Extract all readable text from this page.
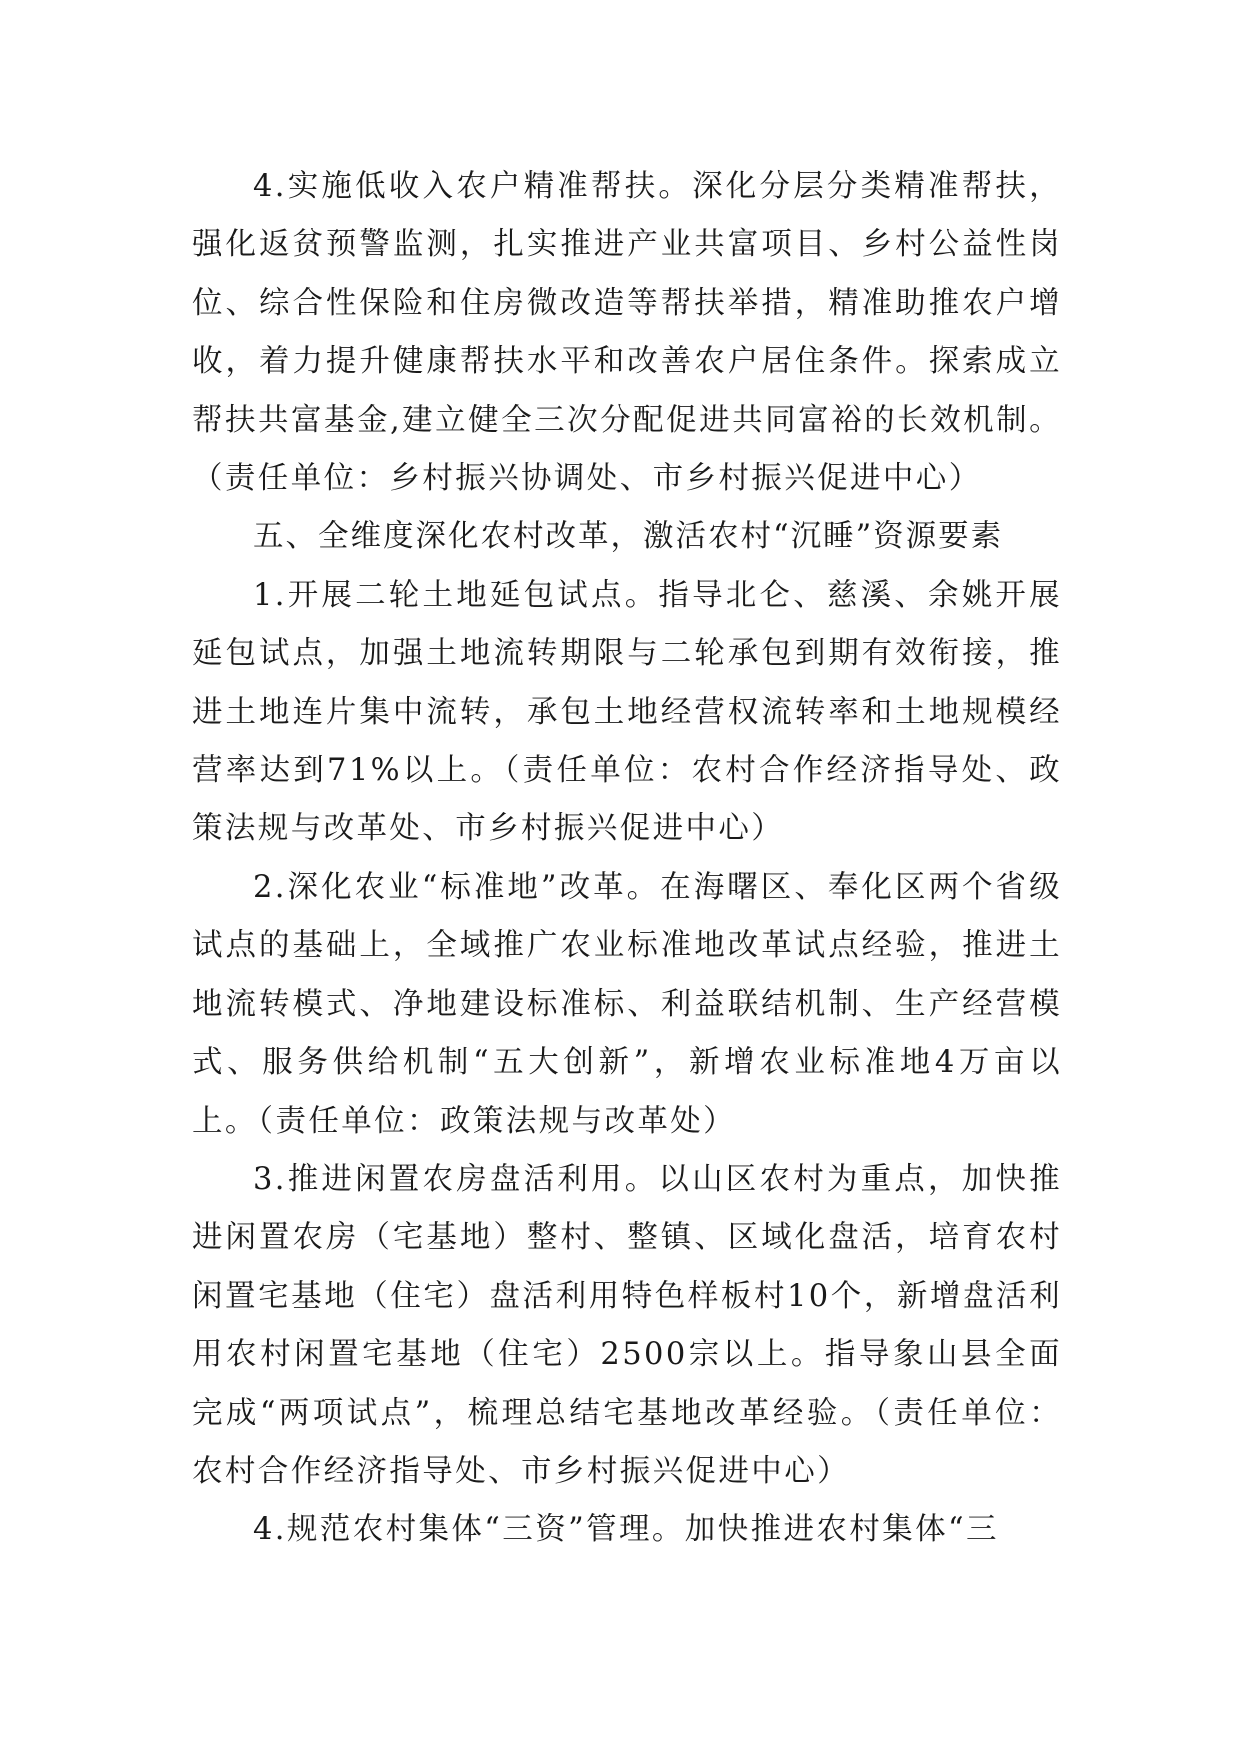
4.实施低收入农户精准帮扶。深化分层分类精准帮扶，强化返贫预警监测，扎实推进产业共富项目、乡村公益性岗位、综合性保险和住房微改造等帮扶举措，精准助推农户增收，着力提升健康帮扶水平和改善农户居住条件。探索成立帮扶共富基金,建立健全三次分配促进共同富裕的长效机制。（责任单位：乡村振兴协调处、市乡村振兴促进中心）

五、全维度深化农村改革，激活农村“沉睡”资源要素

1.开展二轮土地延包试点。指导北仑、慈溪、余姚开展延包试点，加强土地流转期限与二轮承包到期有效衔接，推进土地连片集中流转，承包土地经营权流转率和土地规模经营率达到71%以上。（责任单位：农村合作经济指导处、政策法规与改革处、市乡村振兴促进中心）

2.深化农业“标准地”改革。在海曙区、奉化区两个省级试点的基础上，全域推广农业标准地改革试点经验，推进土地流转模式、净地建设标准标、利益联结机制、生产经营模式、服务供给机制“五大创新”，新增农业标准地4万亩以上。（责任单位：政策法规与改革处）

3.推进闲置农房盘活利用。以山区农村为重点，加快推进闲置农房（宅基地）整村、整镇、区域化盘活，培育农村闲置宅基地（住宅）盘活利用特色样板村10个，新增盘活利用农村闲置宅基地（住宅）2500宗以上。指导象山县全面完成“两项试点”，梳理总结宅基地改革经验。（责任单位：农村合作经济指导处、市乡村振兴促进中心）

4.规范农村集体“三资”管理。加快推进农村集体“三
